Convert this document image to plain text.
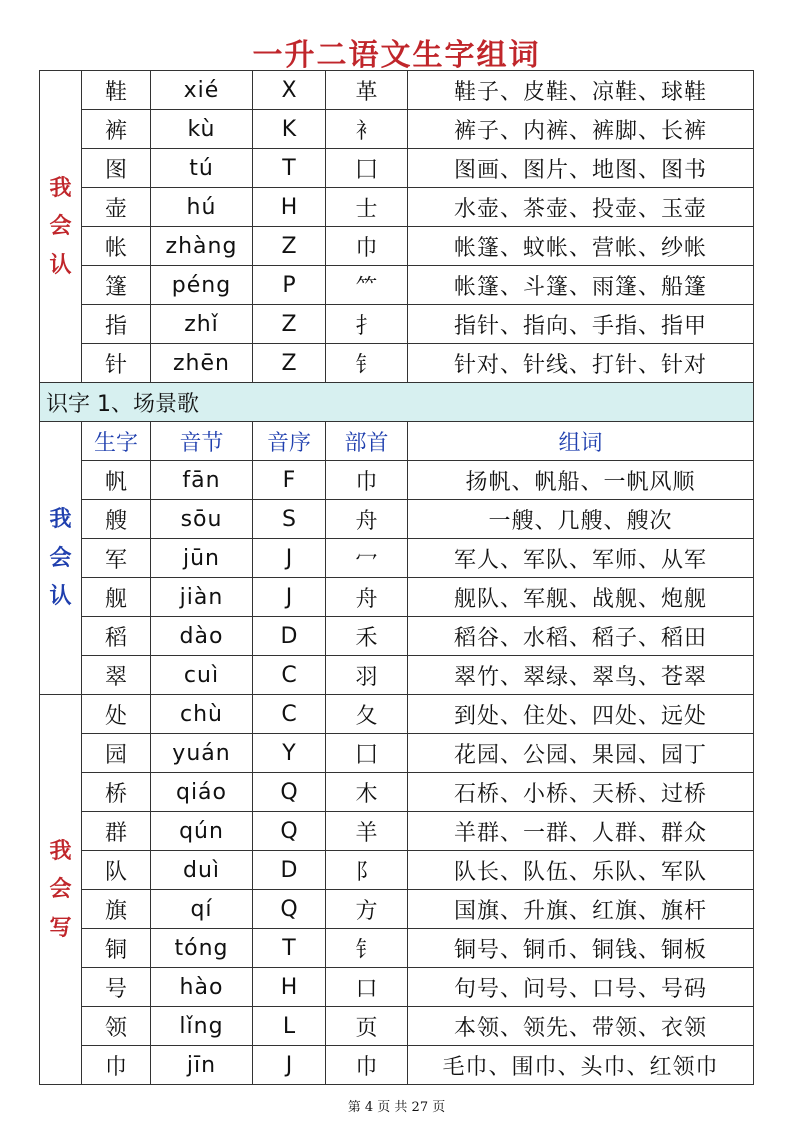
一升二语文生字组词
我
会
认	鞋	xié	X	革	鞋子、皮鞋、凉鞋、球鞋
	裤	kù	K	衤	裤子、内裤、裤脚、长裤
	图	tú	T	囗	图画、图片、地图、图书
	壶	hú	H	士	水壶、茶壶、投壶、玉壶
	帐	zhàng	Z	巾	帐篷、蚊帐、营帐、纱帐
	篷	péng	P	⺮	帐篷、斗篷、雨篷、船篷
	指	zhǐ	Z	扌	指针、指向、手指、指甲
	针	zhēn	Z	钅	针对、针线、打针、针对
识字 1、场景歌					

我
会
认	生字	音节	音序	部首	组词
	帆	fān	F	巾	扬帆、帆船、一帆风顺
	艘	sōu	S	舟	一艘、几艘、艘次
	军	jūn	J	冖	军人、军队、军师、从军
	舰	jiàn	J	舟	舰队、军舰、战舰、炮舰
	稻	dào	D	禾	稻谷、水稻、稻子、稻田
	翠	cuì	C	羽	翠竹、翠绿、翠鸟、苍翠

我
会
写	处	chù	C	夂	到处、住处、四处、远处
	园	yuán	Y	囗	花园、公园、果园、园丁
	桥	qiáo	Q	木	石桥、小桥、天桥、过桥
	群	qún	Q	羊	羊群、一群、人群、群众
	队	duì	D	阝	队长、队伍、乐队、军队
	旗	qí	Q	方	国旗、升旗、红旗、旗杆
	铜	tóng	T	钅	铜号、铜币、铜钱、铜板
	号	hào	H	口	句号、问号、口号、号码
	领	lǐng	L	页	本领、领先、带领、衣领
	巾	jīn	J	巾	毛巾、围巾、头巾、红领巾
第 4 页 共 27 页
